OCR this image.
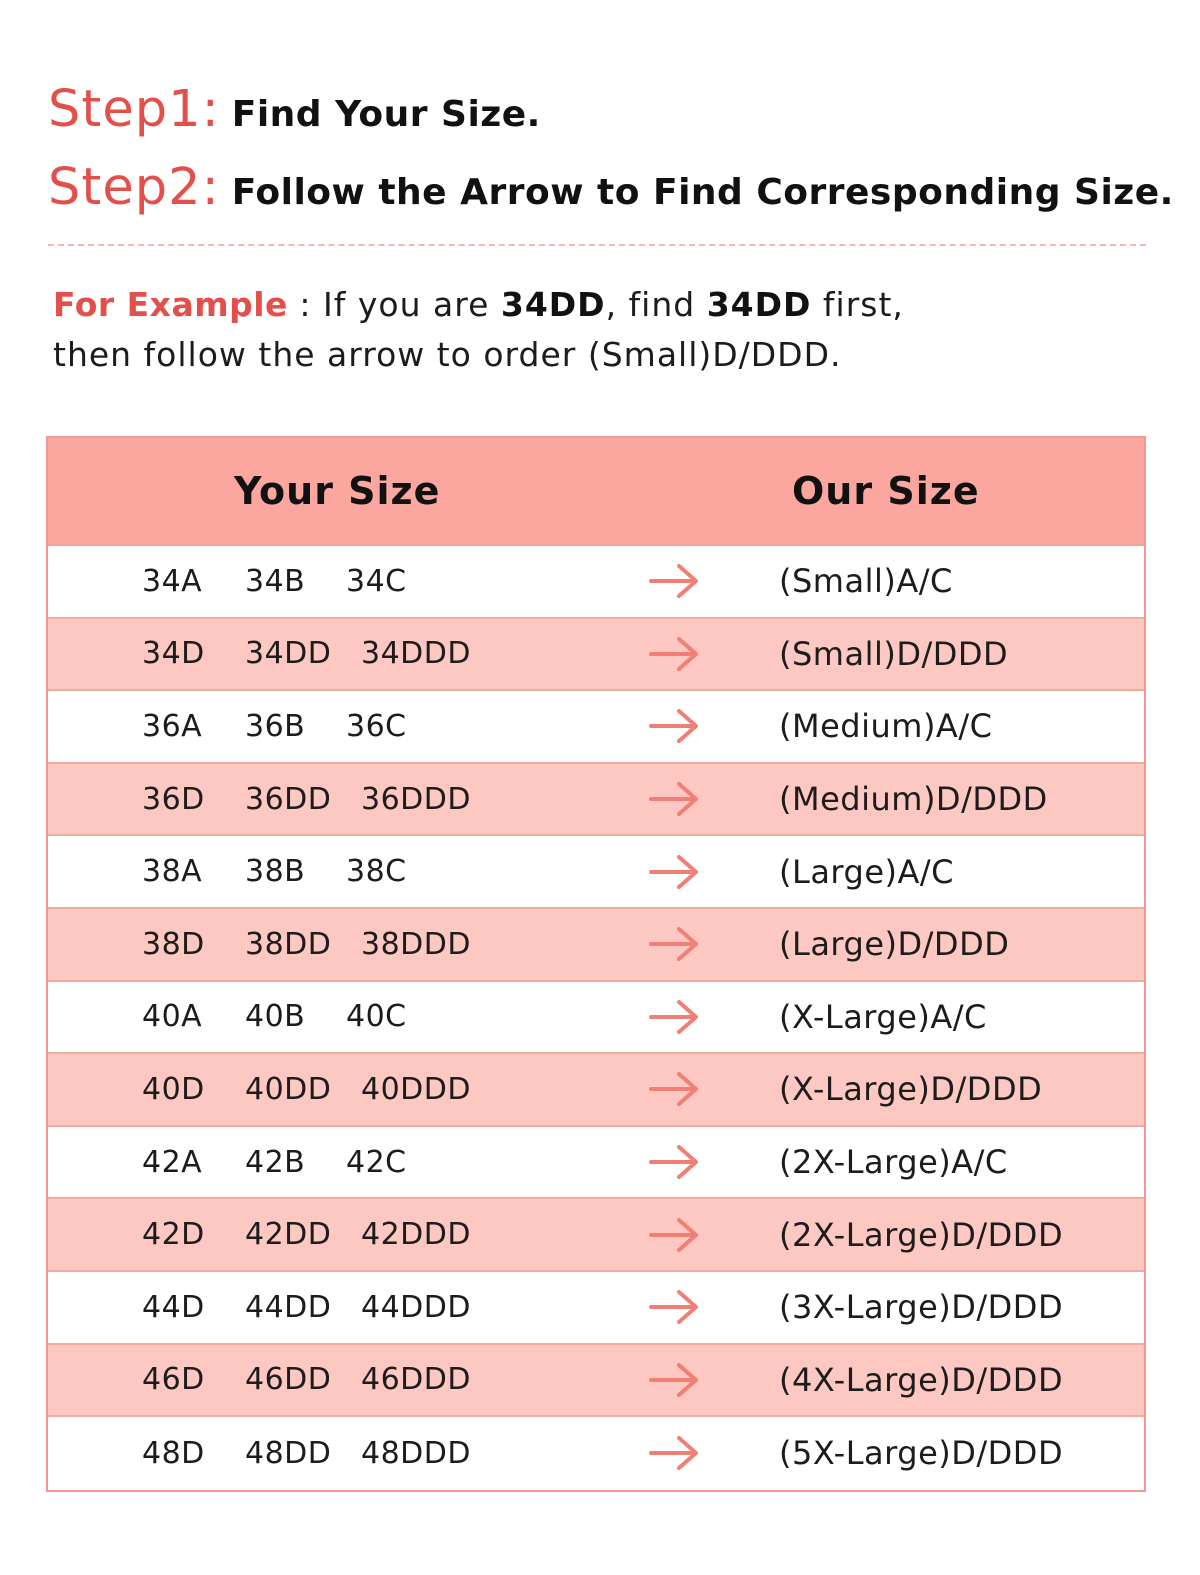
Step1: Find Your Size.
Step2: Follow the Arrow to Find Corresponding Size.
For Example : If you are 34DD, find 34DD first,
then follow the arrow to order (Small)D/DDD.
Your Size	Our Size
34A 34B 34C	(Small)A/C
34D 34DD 34DDD	(Small)D/DDD
36A 36B 36C	(Medium)A/C
36D 36DD 36DDD	(Medium)D/DDD
38A 38B 38C	(Large)A/C
38D 38DD 38DDD	(Large)D/DDD
40A 40B 40C	(X-Large)A/C
40D 40DD 40DDD	(X-Large)D/DDD
42A 42B 42C	(2X-Large)A/C
42D 42DD 42DDD	(2X-Large)D/DDD
44D 44DD 44DDD	(3X-Large)D/DDD
46D 46DD 46DDD	(4X-Large)D/DDD
48D 48DD 48DDD	(5X-Large)D/DDD
